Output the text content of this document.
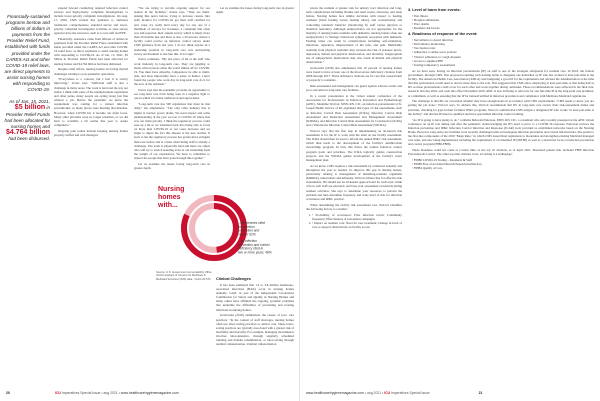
Financially-sustained programs bestow and billions of dollars in payments from the Provider Relief Fund, established with funds provided under the CARES Act and other COVID-19 relief laws, are direct payments to assist nursing homes with responding to COVID-19.

As of Jan. 15, 2021, $5 billion in Provider Relief Funds had been allocated for nursing homes and $4.764 billion had been disbursed.

expand beyond conducting targeted infection control surveys and high-priority complaint investigations to include lower-priority complaint investigations. On Aug. 17, 2020, CMS revised this guidance to authorize traditional, comprehensive, standard survey and lower-priority complaint investigation activities as state survey agencies have the resources, such as to test staff and PPE.

Financially, assistance came from billions of dollars in payments from the Provider Relief Fund, established with funds provided under the CARES Act and other COVID-19 relief laws, as direct payments to assist nursing homes with responding to COVID-19. As of Jan. 15, 2021, $5 billion in Provider Relief Funds had been allocated for nursing homes and $4.764 billion had been disbursed.

Despite relief efforts, nursing homes are facing myriad challenges relating to post-pandemic operations.

"Everywhere is a concern, but I feel it is slowly improving," Torres says. "Sufficient staff is also a challenge in many areas. The work is hard and the pay not stellar. I think with some of the unemployment regulations and other perks, many people are opting along just fine without a job. Before the pandemic we knew the requirement was coming for a trained infection preventionist, so many places were meeting that mandate. However, when COVID hit, it became our main focus. Many other priorities were no longer priorities, so we did have to scramble a bit earlier this year to assure compliance."

Ongoing pain points include keeping nursing homes properly staffed and well managed.

"We are trying to provide ongoing support for our leaders in the facilities," Kolen says. "They are multi-tasking like never before, trying to increase census, hire staff, monitor for COVID-19, get their staff certified for new roles, try really hard every day for any one of a multitude of surveys for licensure, a complaint that often was self-reported, their annual survey which is likely more than 20 months due and there is also a 20 percent chance a facility could receive an infection control survey under CMS guidance from last year. I do not think anyone in a leadership position in long-term care was anticipating survey environment to rise like this. It is tough."

Torres continues, "My last piece of hit at the staff who work tirelessly in long-term care. They are juggling so many critical pieces when the world shined off for COVID-19. You must have empathy, compassion, be able to multi-task, and most importantly have a sense of humor. I have found the people who work day in long-term care do it for the love of the residents."

Torres says that the pandemic provides an opportunity to see long-term care from being seen in a negative light to one in which it is better understood and appreciated.

"Long-term care has 500 regulations that must be met daily," she emphasizes. "The only other industry that is higher is nuclear power plants. We need respect and some understanding of the year we lost to COVID-19 where that was our main priority. I think the regulatory process could ease up a bit so we transition back into being able to focus on more than COVID-19 as our cases decrease and we begin to digest the fact this disease is the new normal. It feels to me the regulatory process has gotten more stringent than ever before and at a time when hiring staff is already a challenge. The work is physically hard and there are others who will try to stretch standing even as our leadership feels the weight of our experiences. We have to remember to respect the people that have gone through this together."

Let us examine the issues facing long-term care in greater depth.

Let us examine the issues facing long-term care in greater depth.

Nursing homes with...
...deficiencies cited for infection prevention and control: 82%
...an infection prevention and control deficiency cited in two or more years: 48%
Clinical Challenges

It has been estimated that 1.4 to 3.8 million healthcare-associated infections (HAIs) occur in nursing homes annually. GAO, as part of the Independent Coronavirus Commission for Safety and Quality in Nursing Homes and many others have affirmed the ongoing, systemic problems that underline the difficulties of preventing and treating infections in nursing homes.

Grabowski (2018) summarizes the causes of poor care practices: "In the context of staff shortages, nursing homes often use labor-saving practices to deliver care. These labor-saving practices are typically associated with a greater risk of morbidity and mortality. For example, managing incontinence involves labor-intensive, through regularly scheduled toileting and bladder rehabilitation, or labor-saving through urethral catheterization. Urethral catheterization

Source: U.S. Government Accountability Office (GAO) analysis of Centers for Medicare & Medicaid Services (CMS) data. | GAO-20-576
20	ICU Imperatives Special Issue • aug 2021 • www.healthcarehygienemagazine.com

places the resident at greater risk for urinary tract infection and long-term complications including bladder and renal stones, abscesses, and renal failure. Nursing homes face similar decisions with respect to feeding residents (hand feeding versus feeding tubes), and re-monitoring and controlling residents' behavior (monitoring by staff versus physical or chemical restraints). Although antipsychotics are not appropriate for the majority of nursing home residents with dementia, nursing homes often use antipsychotics to 'manage' behavioral symptoms associated with dementia. Feeding tubes can result in complications including self-extubation, infections, aspiration, misplacement of the tube, and pain. Immobility resulting from physical restraints may increase the risk of pressure ulcers, depression, mental and physical deterioration, and mortality. Inappropriate use of antipsychotic medications may also result in mental and physical deterioration."

Grabowski (2018) also emphasizes that 16 percent of nursing homes were found to have at least one of the most severe deficiency citations from 2006 through 2017. These deficiency citations are for care that caused harm or jeopardy to residents.

Risk assessment and management can guard against adverse events and poor outcomes in long-term care facilities.

In a recent presentation at the virtual annual conference of the Association for Professionals in Infection Prevention and Epidemiology (APIC), Madeline Wolcott, MSN, RN, CIC, an infection preventionist at St. Joseph Health Service of RI, explained that types of risk assessments, such as Infection Control Risk Assessment (ICRA), Infection Control Risk Assessment and Reduction Assessment and Management Assessment (ICRMA), and Infection Control Risk Assessment for Construction (ICRA) and a Waterborne Infection Control Risk Assessment (WICRA).

Wolcott says that the first step in implementing an all-hazard risk assessment is for the IP to work with the team on the facility assessment. The ICRA should then be used to inform the annual IP&C risk assessment, which then leads to the development of the facility's antimicrobial stewardship program. In turn, this drives the written infection control program goals and priorities. The ICRA logically guides construction projects, and the WICRA guides development of the facility's water management plan.

As we know, CMS requires a risk assessment be conducted annually and throughout the year as needed. To improve this gap in nursing homes, particularly relating to management of multidrug-resistant organisms (MDROs), tuberculosis and influenza, Wolcott advises that for effective risk assessments, IPs should use an all-hazard approach and for each topic, think of how well staff are educated, and base your assessment on hazards during resident activities. She says to determine your resources to prevent the problem and then determine frequency and scale level of risk for infection occurrence and IP&C practice.

When determining the facility risk assessment tool, Wolcott identifies the following factors to consider:

• 1. Probability of occurrence: Prior infection levels; Community frequency; Effectiveness of prevention campaigns
• 2. Impact on resident care: Need for new treatment; Change in level of care or support; Restrictions on facility access
3. Level of harm from events:
• Past illness
• Hospital admissions
• Prior deaths
• Resident risk factors
4. Readiness of response of the event:
• Surveillance to detect infection
• Performance monitoring
• Vaccination rates
• Adherence to strike-wave policies
• Visitors' adherence to cough etiquette
• Access to supplies/PPE
• Testing/competency assessments

As we have seen, having an infection preventionist (IP) on staff is one of the strongest safeguards for resident care. In 2016, the federal government, through CMS, first proposed requiring each nursing home to designate one individual as IP who has worked at least part-time at the facility. The American Health Care Association (AHCA) said budgeting a good IP for the requirement and advised the Administration at the time that this professional would need to devote more time to the role. This suggested that CMS allow employing at least part-time or that being half as IPs as these professionals could cover for each other and work together during outbreaks. These recommendations were reflected in the final rule, issued in October 2016, and went into effect November 2019. APIC is also lobbying to advocate for one full-time IP in the long-term care premises; at a minimum, as well as ensuring that the IP be trained/certified in infection prevention and compliance with Medicare-Medicaid regulations.

The challenge is that IPs are concerned whether they have enough hours in accordance with CMS requirements. "CMS needs to know you are getting the job done," Wolcott says. To address this, Wolcott recommends that IPs in long-term care review their risk-assessment duties and priorities, checking for gaps in their facilities' IP&C programs. Wolcott confirms that CMS assigns a designated IP who works "at least part-time at the facility" and that the IP must be qualified and have specialized infection control training.

"As IP is going to have plenty to do," confirms Deborah Patterson, MSN, RN, CIC, a consultant who only recently presented at the APIC virtual conference on an IP role during and after the pandemic. Acknowledging the IP's need to pivot to a COVID-19 response, Patterson reviews the Infection prevention and IP&C Infection Control Infection and Response (ICAR) tools provided as established networks based on the Nursing Home. However, long-term care facilities were recently challenged with an inadequate infection prevention and control infrastructure. She points to the first-line components of the 2016 "Mega Rule," in which CMS issued final regulations to modernize and strengthen existing Medicaid managed care rules, and new being implemented, including the requirement of a formalized IP (483.80) as well as a structured focus on infection prevention and control program (F880-F886).

Those mandates could not come at a better time, as the top 10 citations, as of April 2021, illustrated patient risk, included F880 Infection Prevention & Control. The other top nine citations were, according to LeadingAge:

• F0880 COVID-19 Testing – Residents & Staff
• F0689 Free of Accident Hazards/Supervision/Devices
• F0884 Quality of Care
www.healthcarehygienemagazine.com • aug 2021 • ICU Imperatives Special Issue	21
